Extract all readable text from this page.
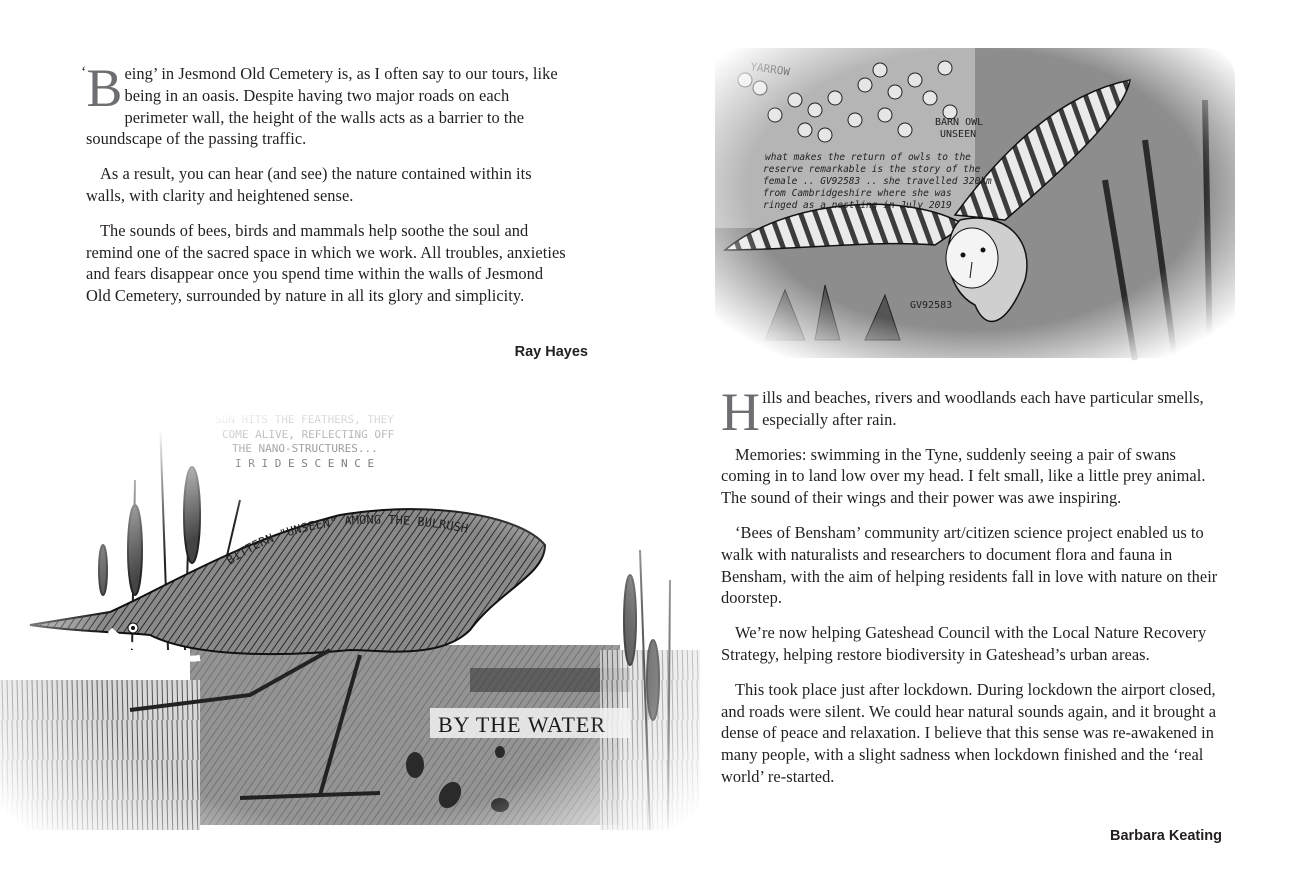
‘ B eing’ in Jesmond Old Cemetery is, as I often say to our tours, like being in an oasis. Despite having two major roads on each perimeter wall, the height of the walls acts as a barrier to the soundscape of the passing traffic.

As a result, you can hear (and see) the nature contained within its walls, with clarity and heightened sense.

The sounds of bees, birds and mammals help soothe the soul and remind one of the sacred space in which we work. All troubles, anxieties and fears disappear once you spend time within the walls of Jesmond Old Cemetery, surrounded by nature in all its glory and simplicity.

Ray Hayes

Hills and beaches, rivers and woodlands each have particular smells, especially after rain.

Memories: swimming in the Tyne, suddenly seeing a pair of swans coming in to land low over my head. I felt small, like a little prey animal. The sound of their wings and their power was awe inspiring.

‘Bees of Bensham’ community art/citizen science project enabled us to walk with naturalists and researchers to document flora and fauna in Bensham, with the aim of helping residents fall in love with nature on their doorstep.

We’re now helping Gateshead Council with the Local Nature Recovery Strategy, helping restore biodiversity in Gateshead’s urban areas.

This took place just after lockdown. During lockdown the airport closed, and roads were silent. We could hear natural sounds again, and it brought a dense of peace and relaxation. I believe that this sense was re-awakened in many people, with a slight sadness when lockdown finished and the ‘real world’ re-started.

Barbara Keating
